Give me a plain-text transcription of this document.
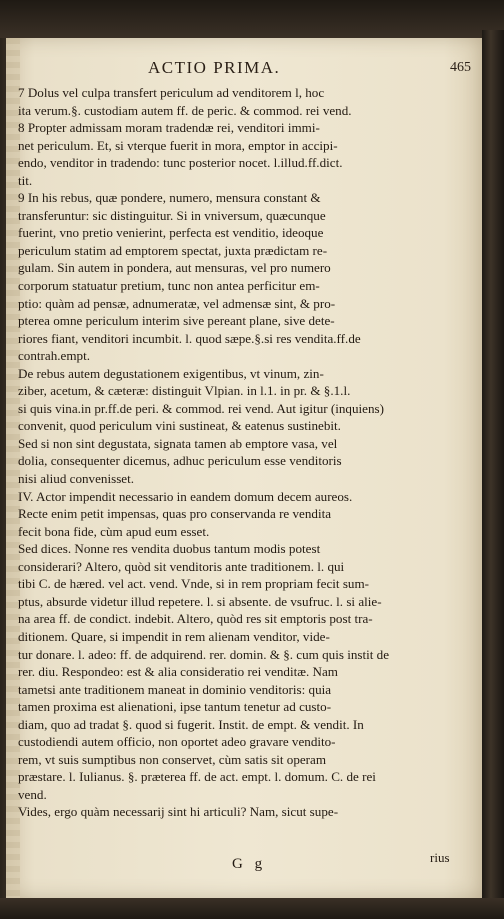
ACTIO PRIMA.	465
7 Dolus vel culpa transfert periculum ad venditorem l, hoc
ita verum.§. custodiam autem ff. de peric. & commod. rei vend.
8 Propter admissam moram tradendæ rei, venditori immi-
net periculum. Et, si vterque fuerit in mora, emptor in accipi-
endo, venditor in tradendo: tunc posterior nocet. l.illud.ff.dict.
tit.
9 In his rebus, quæ pondere, numero, mensura constant &
transferuntur: sic distinguitur. Si in vniversum, quæcunque
fuerint, vno pretio venierint, perfecta est venditio, ideoque
periculum statim ad emptorem spectat, juxta prædictam re-
gulam. Sin autem in pondera, aut mensuras, vel pro numero
corporum statuatur pretium, tunc non antea perficitur em-
ptio: quàm ad pensæ, adnumeratæ, vel admensæ sint, & pro-
pterea omne periculum interim sive pereant plane, sive dete-
riores fiant, venditori incumbit. l. quod sæpe.§.si res vendita.ff.de
contrah.empt.
De rebus autem degustationem exigentibus, vt vinum, zin-
ziber, acetum, & cæteræ: distinguit Vlpian. in l.1. in pr. & §.1.l.
si quis vina.in pr.ff.de peri. & commod. rei vend. Aut igitur (inquiens)
convenit, quod periculum vini sustineat, & eatenus sustinebit.
Sed si non sint degustata, signata tamen ab emptore vasa, vel
dolia, consequenter dicemus, adhuc periculum esse venditoris
nisi aliud convenisset.
IV. Actor impendit necessario in eandem domum decem aureos.
Recte enim petit impensas, quas pro conservanda re vendita
fecit bona fide, cùm apud eum esset.
Sed dices. Nonne res vendita duobus tantum modis potest
considerari? Altero, quòd sit venditoris ante traditionem. l. qui
tibi C. de hæred. vel act. vend. Vnde, si in rem propriam fecit sum-
ptus, absurde videtur illud repetere. l. si absente. de vsufruc. l. si alie-
na area ff. de condict. indebit. Altero, quòd res sit emptoris post tra-
ditionem. Quare, si impendit in rem alienam venditor, vide-
tur donare. l. adeo: ff. de adquirend. rer. domin. & §. cum quis instit de
rer. diu. Respondeo: est & alia consideratio rei venditæ. Nam
tametsi ante traditionem maneat in dominio venditoris: quia
tamen proxima est alienationi, ipse tantum tenetur ad custo-
diam, quo ad tradat §. quod si fugerit. Instit. de empt. & vendit. In
custodiendi autem officio, non oportet adeo gravare vendito-
rem, vt suis sumptibus non conservet, cùm satis sit operam
præstare. l. Iulianus. §. præterea ff. de act. empt. l. domum. C. de rei
vend.
Vides, ergo quàm necessarij sint hi articuli? Nam, sicut supe-
G g	rius
